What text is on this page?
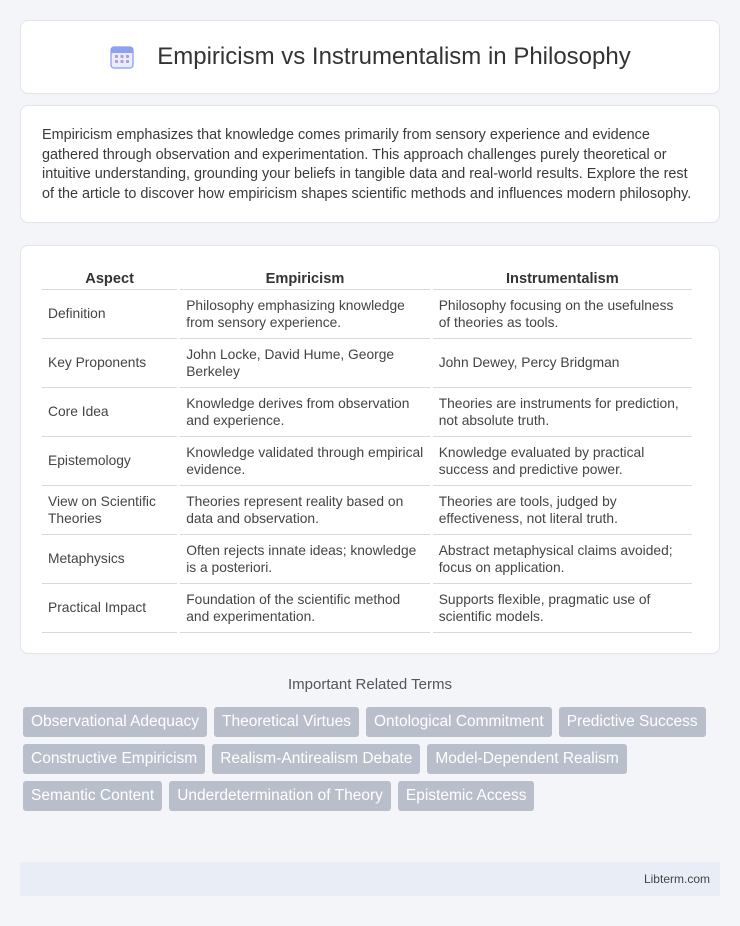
Empiricism vs Instrumentalism in Philosophy

Empiricism emphasizes that knowledge comes primarily from sensory experience and evidence gathered through observation and experimentation. This approach challenges purely theoretical or intuitive understanding, grounding your beliefs in tangible data and real-world results. Explore the rest of the article to discover how empiricism shapes scientific methods and influences modern philosophy.

Aspect	Empiricism	Instrumentalism
Definition	Philosophy emphasizing knowledge from sensory experience.	Philosophy focusing on the usefulness of theories as tools.
Key Proponents	John Locke, David Hume, George Berkeley	John Dewey, Percy Bridgman
Core Idea	Knowledge derives from observation and experience.	Theories are instruments for prediction, not absolute truth.
Epistemology	Knowledge validated through empirical evidence.	Knowledge evaluated by practical success and predictive power.
View on Scientific Theories	Theories represent reality based on data and observation.	Theories are tools, judged by effectiveness, not literal truth.
Metaphysics	Often rejects innate ideas; knowledge is a posteriori.	Abstract metaphysical claims avoided; focus on application.
Practical Impact	Foundation of the scientific method and experimentation.	Supports flexible, pragmatic use of scientific models.
Important Related Terms
Observational Adequacy	Theoretical Virtues	Ontological Commitment	Predictive Success
Constructive Empiricism	Realism-Antirealism Debate	Model-Dependent Realism
Semantic Content	Underdetermination of Theory	Epistemic Access
Libterm.com
